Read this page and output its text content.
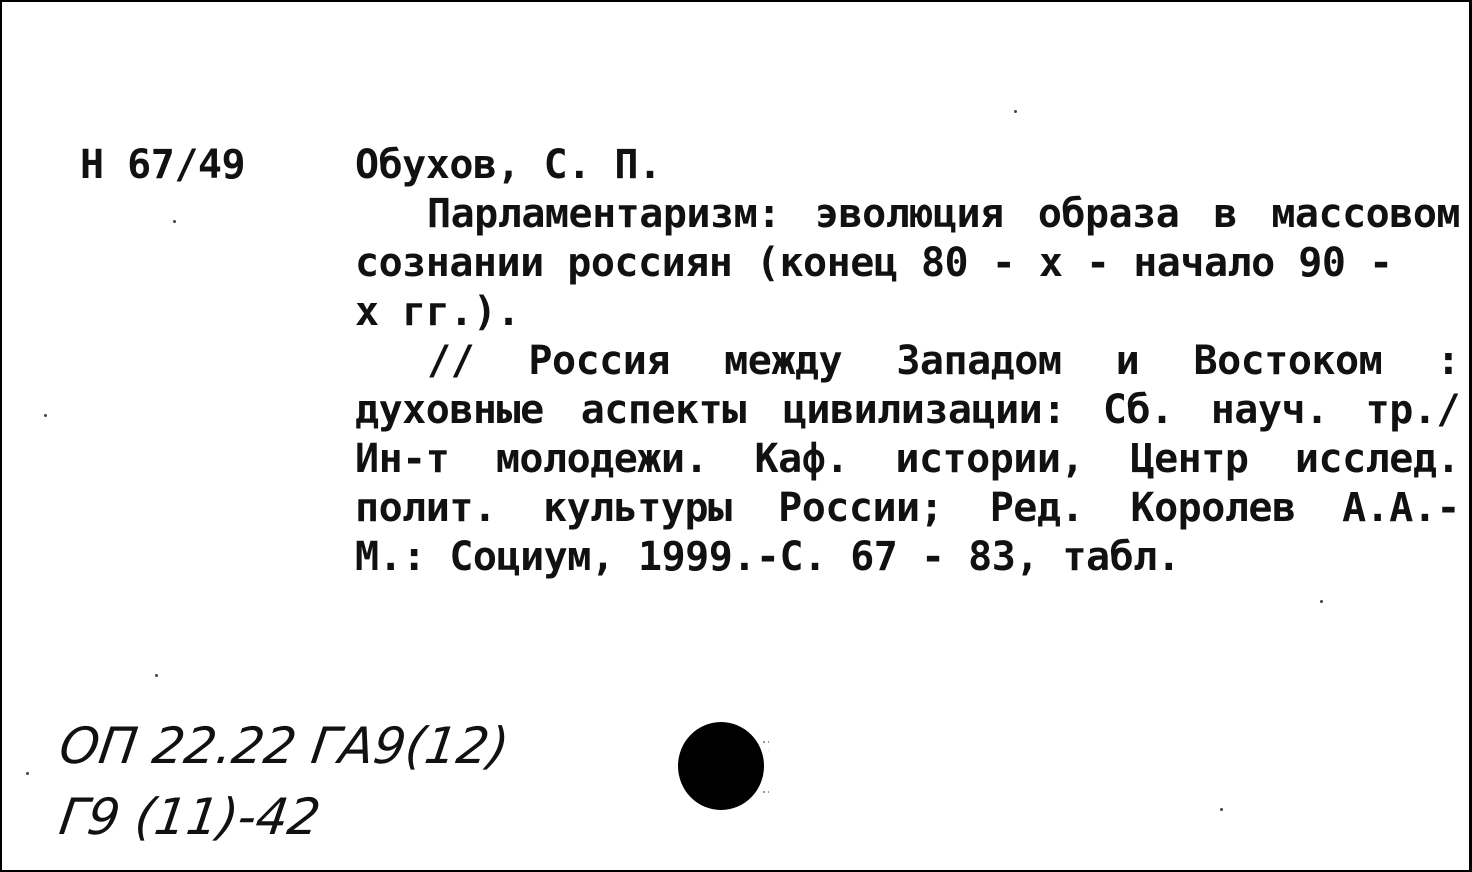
Н 67/49	Обухов, С. П.
Парламентаризм: эволюция образа в массовом
сознании россиян (конец 80 - х - начало 90 -
х гг.).
// Россия между Западом и Востоком :
духовные аспекты цивилизации: Сб. науч. тр./
Ин-т молодежи. Каф. истории, Центр исслед.
полит. культуры России; Ред. Королев А.А.-
М.: Социум, 1999.-С. 67 - 83, табл.
ОП 22.22 ГА9(12)
Г9 (11)-42
